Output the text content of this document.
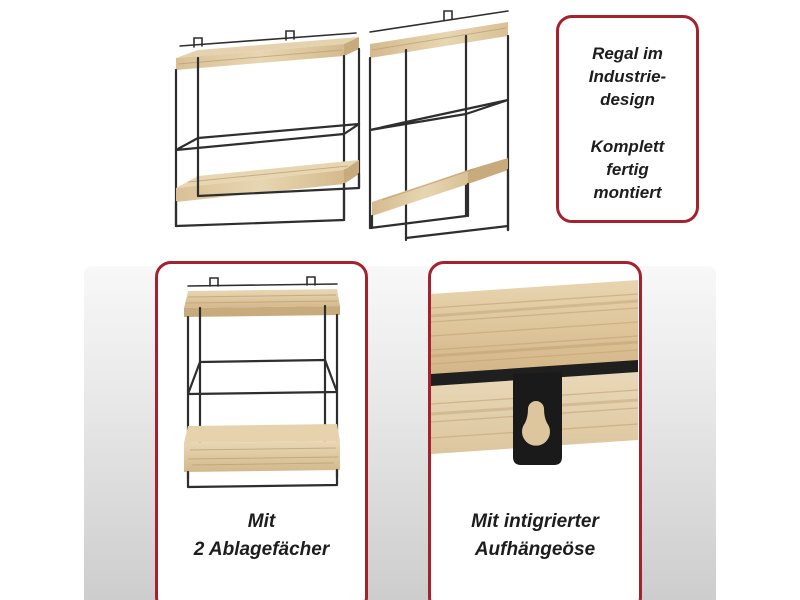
Regal im
Industrie-
design
Komplett
fertig
montiert
Mit
2 Ablagefächer
Mit intigrierter
Aufhängeöse
